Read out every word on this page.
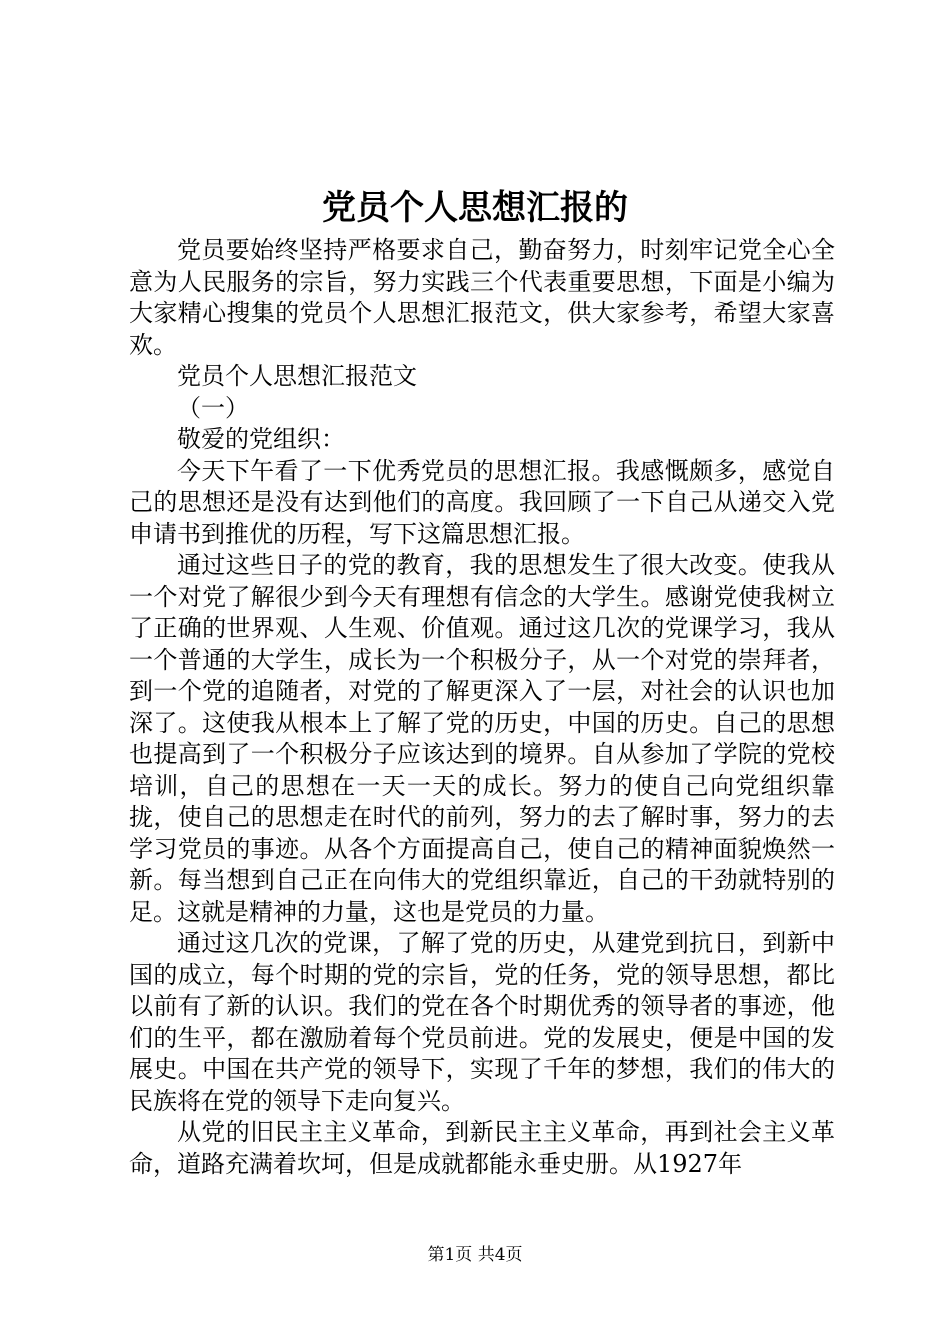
党员个人思想汇报的

党员要始终坚持严格要求自己，勤奋努力，时刻牢记党全心全意为人民服务的宗旨，努力实践三个代表重要思想，下面是小编为大家精心搜集的党员个人思想汇报范文，供大家参考，希望大家喜欢。

党员个人思想汇报范文

（一）

敬爱的党组织：

今天下午看了一下优秀党员的思想汇报。我感慨颇多，感觉自己的思想还是没有达到他们的高度。我回顾了一下自己从递交入党申请书到推优的历程，写下这篇思想汇报。

通过这些日子的党的教育，我的思想发生了很大改变。使我从一个对党了解很少到今天有理想有信念的大学生。感谢党使我树立了正确的世界观、人生观、价值观。通过这几次的党课学习，我从一个普通的大学生，成长为一个积极分子，从一个对党的崇拜者，到一个党的追随者，对党的了解更深入了一层，对社会的认识也加深了。这使我从根本上了解了党的历史，中国的历史。自己的思想也提高到了一个积极分子应该达到的境界。自从参加了学院的党校培训，自己的思想在一天一天的成长。努力的使自己向党组织靠拢，使自己的思想走在时代的前列，努力的去了解时事，努力的去学习党员的事迹。从各个方面提高自己，使自己的精神面貌焕然一新。每当想到自己正在向伟大的党组织靠近，自己的干劲就特别的足。这就是精神的力量，这也是党员的力量。

通过这几次的党课，了解了党的历史，从建党到抗日，到新中国的成立，每个时期的党的宗旨，党的任务，党的领导思想，都比以前有了新的认识。我们的党在各个时期优秀的领导者的事迹，他们的生平，都在激励着每个党员前进。党的发展史，便是中国的发展史。中国在共产党的领导下，实现了千年的梦想，我们的伟大的民族将在党的领导下走向复兴。

从党的旧民主主义革命，到新民主主义革命，再到社会主义革命，道路充满着坎坷，但是成就都能永垂史册。从1927年

第1页 共4页
